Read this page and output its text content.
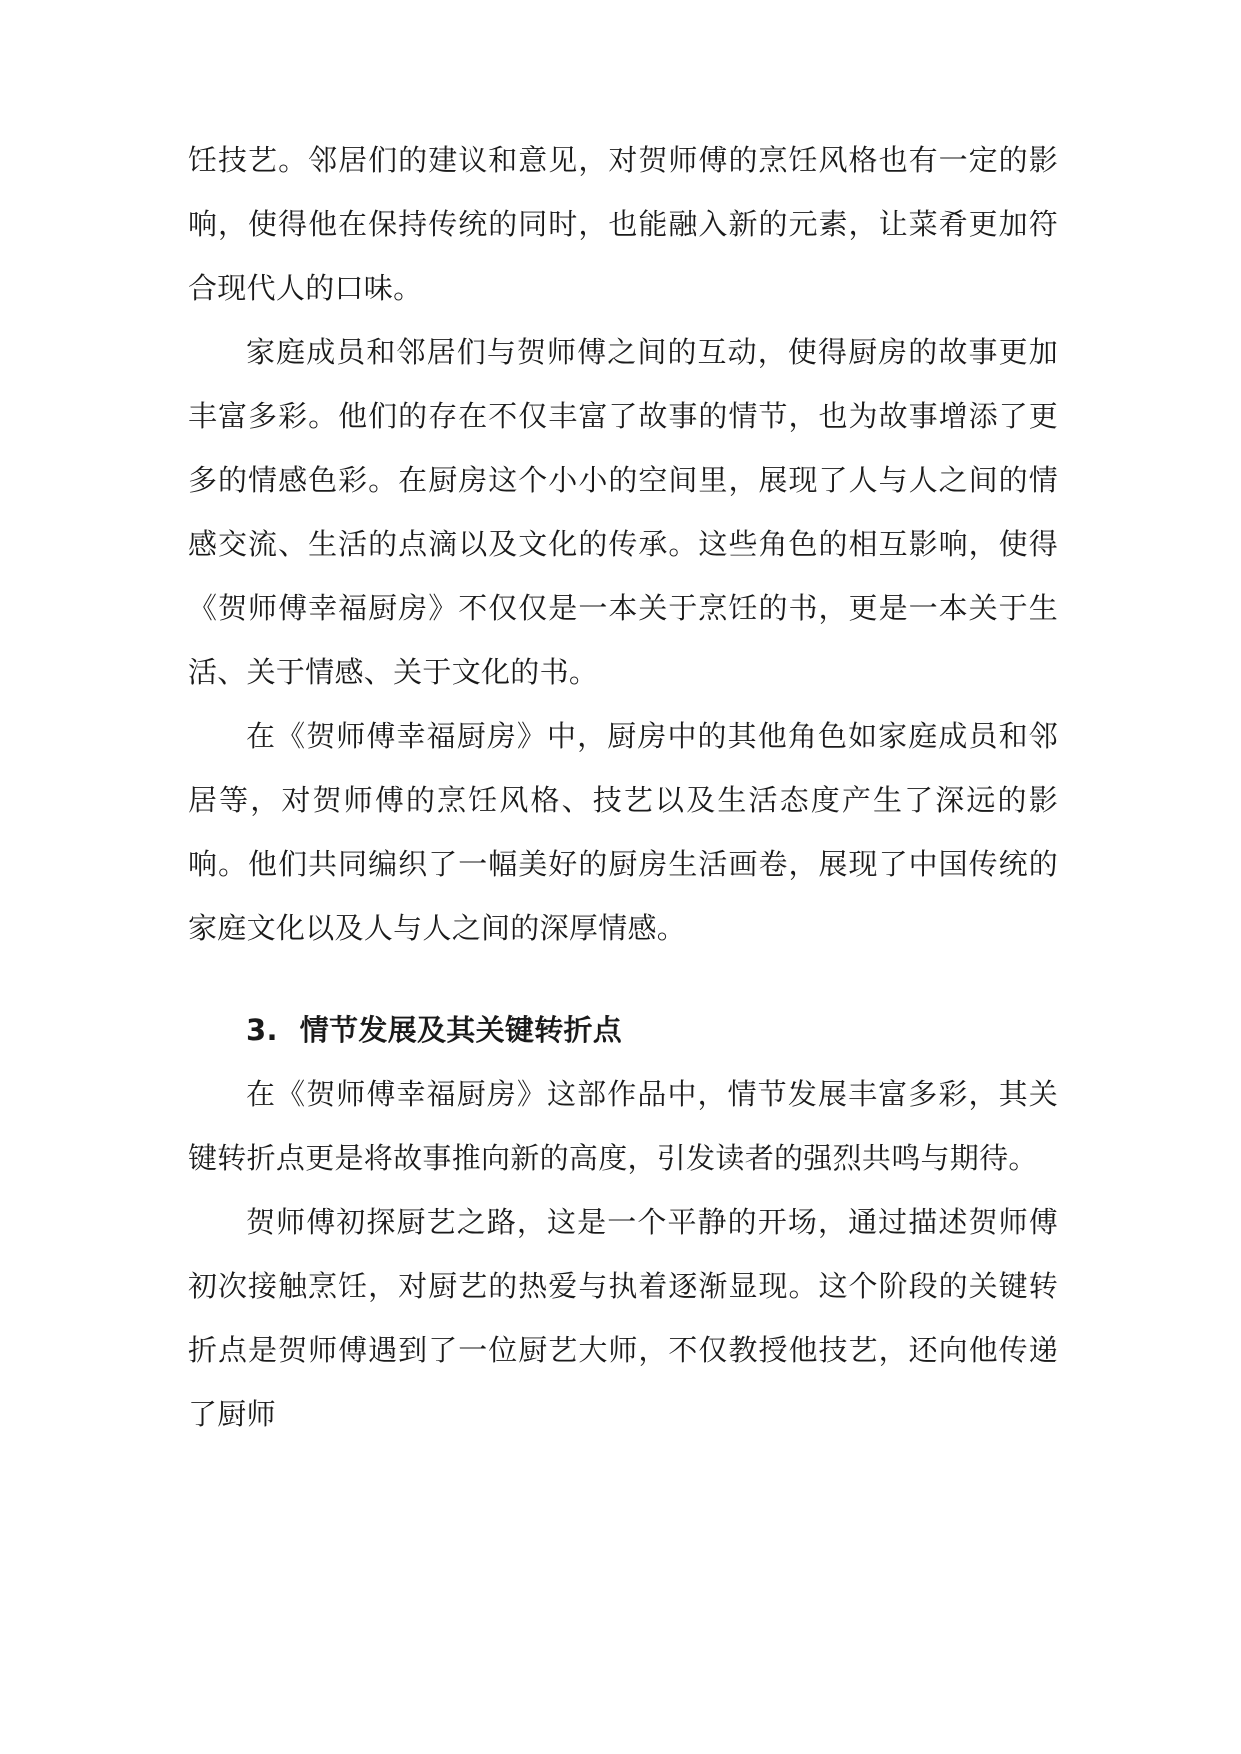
饪技艺。邻居们的建议和意见，对贺师傅的烹饪风格也有一定的影响，使得他在保持传统的同时，也能融入新的元素，让菜肴更加符合现代人的口味。

家庭成员和邻居们与贺师傅之间的互动，使得厨房的故事更加丰富多彩。他们的存在不仅丰富了故事的情节，也为故事增添了更多的情感色彩。在厨房这个小小的空间里，展现了人与人之间的情感交流、生活的点滴以及文化的传承。这些角色的相互影响，使得《贺师傅幸福厨房》不仅仅是一本关于烹饪的书，更是一本关于生活、关于情感、关于文化的书。

在《贺师傅幸福厨房》中，厨房中的其他角色如家庭成员和邻居等，对贺师傅的烹饪风格、技艺以及生活态度产生了深远的影响。他们共同编织了一幅美好的厨房生活画卷，展现了中国传统的家庭文化以及人与人之间的深厚情感。

3. 情节发展及其关键转折点

在《贺师傅幸福厨房》这部作品中，情节发展丰富多彩，其关键转折点更是将故事推向新的高度，引发读者的强烈共鸣与期待。

贺师傅初探厨艺之路，这是一个平静的开场，通过描述贺师傅初次接触烹饪，对厨艺的热爱与执着逐渐显现。这个阶段的关键转折点是贺师傅遇到了一位厨艺大师，不仅教授他技艺，还向他传递了厨师
